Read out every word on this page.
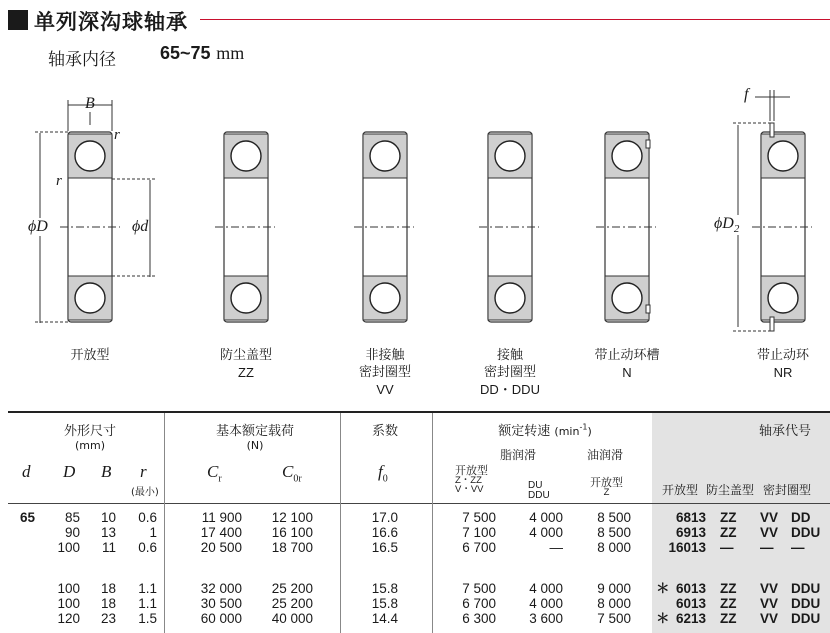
单列深沟球轴承
轴承内径 65~75 mm
B
r
r
ϕD	ϕd
f
$\phi D_2$
开放型	防尘盖型
ZZ
非接触
密封圈型
VV
接触
密封圈型
DD・DDU
带止动环槽
N
带止动环
NR
外形尺寸
(mm)
基本额定载荷
(N)
系数	额定转速 $(\min^{-1})$	轴承代号
d D B r
(最小)
$C_r$	$C_{0r}$	$f_0$
脂润滑	油润滑
开放型
Z・ZZ
V・VV	DU
DDU
开放型
Z	开放型 防尘盖型 密封圈型
65 85 10 0.6	11 900 12 100	17.0	7 500 4 000	8 500	6813 ZZ VV DD
90 13 1	17 400 16 100	16.6	7 100 4 000	8 500	6913 ZZ VV DDU
100 11 0.6	20 500 18 700	16.5	6 700	—	8 000	16013 — — —
100 18 1.1	32 000 25 200	15.8	7 500 4 000	9 000 ＊ 6013 ZZ VV DDU
100 18 1.1	30 500 25 200	15.8	6 700 4 000	8 000	6013 ZZ VV DDU
120 23 1.5	60 000 40 000	14.4	6 300 3 600	7 500 ＊ 6213 ZZ VV DDU
